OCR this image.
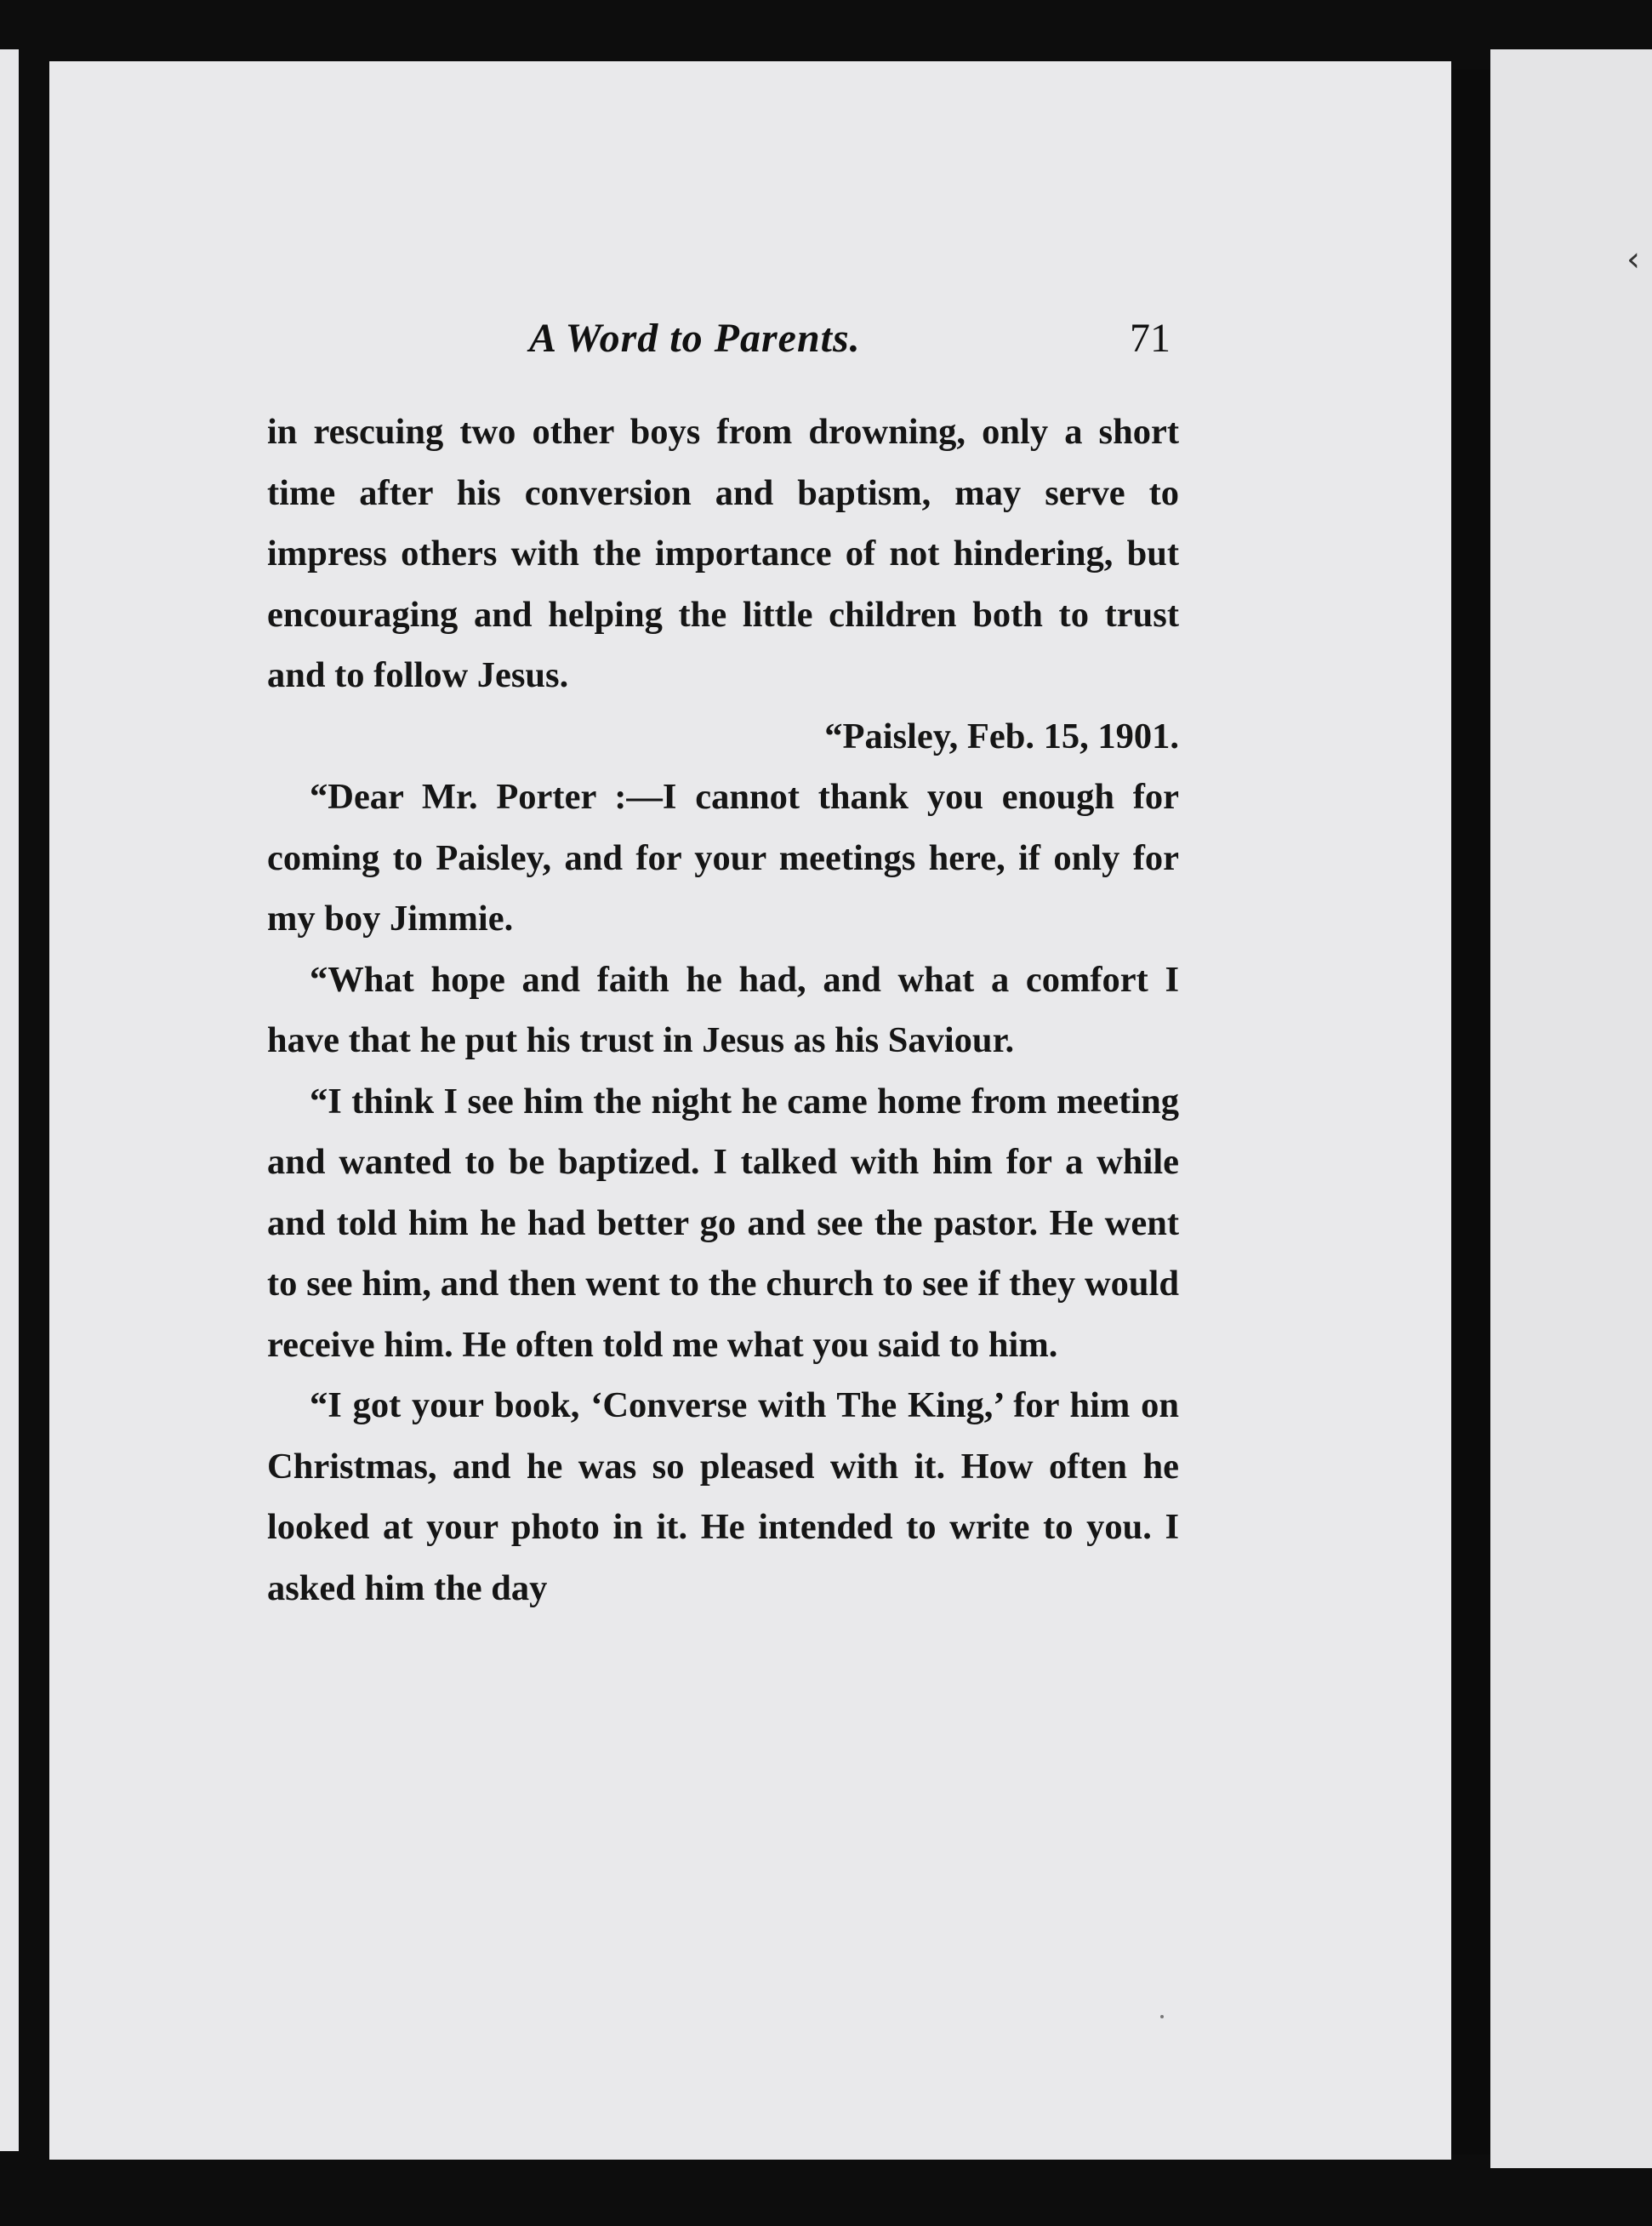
‹
A Word to Parents.	71

in rescuing two other boys from drowning, only a short time after his conversion and baptism, may serve to impress others with the importance of not hindering, but encouraging and helping the little children both to trust and to follow Jesus.

“Paisley, Feb. 15, 1901.

“Dear Mr. Porter :—I cannot thank you enough for coming to Paisley, and for your meetings here, if only for my boy Jimmie.

“What hope and faith he had, and what a comfort I have that he put his trust in Jesus as his Saviour.

“I think I see him the night he came home from meeting and wanted to be baptized. I talked with him for a while and told him he had better go and see the pastor. He went to see him, and then went to the church to see if they would receive him. He often told me what you said to him.

“I got your book, ‘Converse with The King,’ for him on Christmas, and he was so pleased with it. How often he looked at your photo in it. He intended to write to you. I asked him the day
